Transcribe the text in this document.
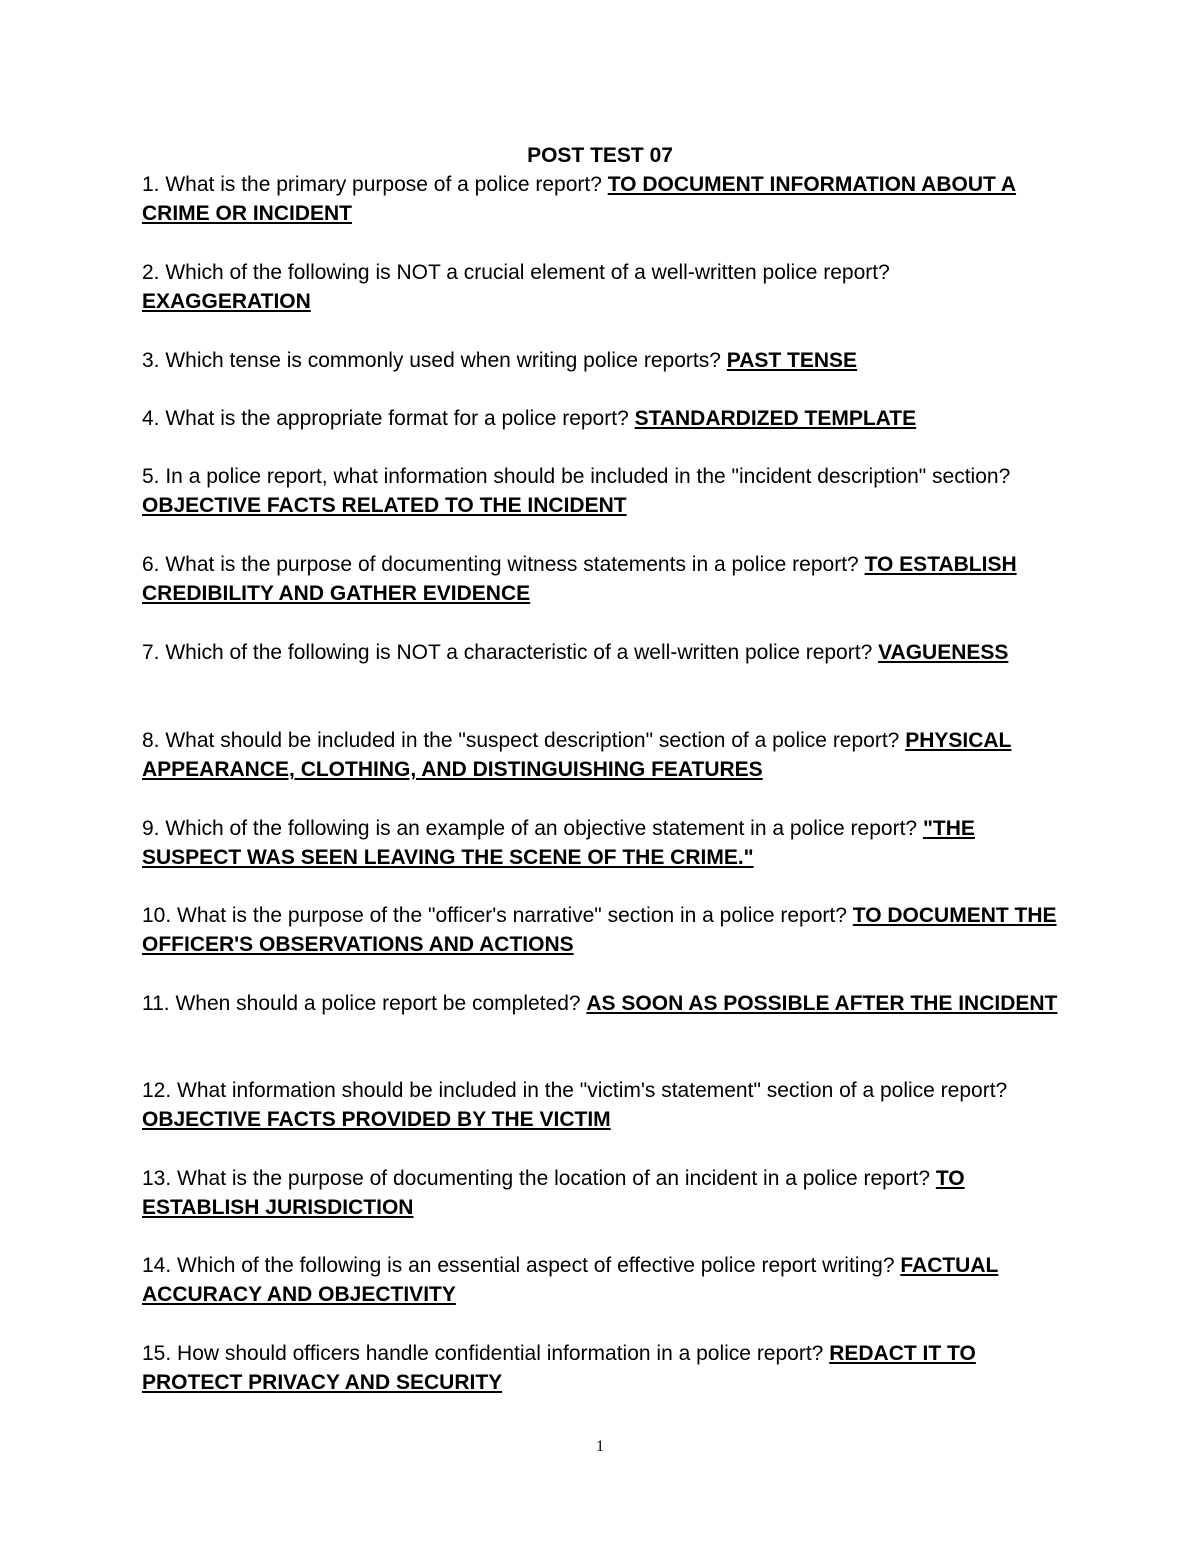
POST TEST 07

1. What is the primary purpose of a police report? TO DOCUMENT INFORMATION ABOUT A CRIME OR INCIDENT

2. Which of the following is NOT a crucial element of a well-written police report? EXAGGERATION

3. Which tense is commonly used when writing police reports? PAST TENSE

4. What is the appropriate format for a police report? STANDARDIZED TEMPLATE

5. In a police report, what information should be included in the "incident description" section? OBJECTIVE FACTS RELATED TO THE INCIDENT

6. What is the purpose of documenting witness statements in a police report? TO ESTABLISH CREDIBILITY AND GATHER EVIDENCE

7. Which of the following is NOT a characteristic of a well-written police report? VAGUENESS

8. What should be included in the "suspect description" section of a police report? PHYSICAL APPEARANCE, CLOTHING, AND DISTINGUISHING FEATURES

9. Which of the following is an example of an objective statement in a police report? "THE SUSPECT WAS SEEN LEAVING THE SCENE OF THE CRIME."

10. What is the purpose of the "officer's narrative" section in a police report? TO DOCUMENT THE OFFICER'S OBSERVATIONS AND ACTIONS

11. When should a police report be completed? AS SOON AS POSSIBLE AFTER THE INCIDENT

12. What information should be included in the "victim's statement" section of a police report? OBJECTIVE FACTS PROVIDED BY THE VICTIM

13. What is the purpose of documenting the location of an incident in a police report? TO ESTABLISH JURISDICTION

14. Which of the following is an essential aspect of effective police report writing? FACTUAL ACCURACY AND OBJECTIVITY

15. How should officers handle confidential information in a police report? REDACT IT TO PROTECT PRIVACY AND SECURITY

1
